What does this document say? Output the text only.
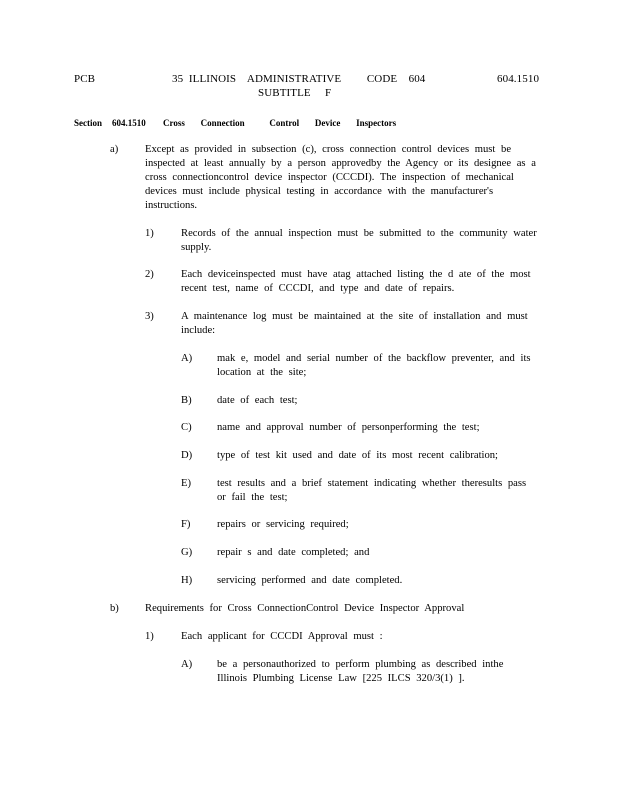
PCB	35  ILLINOIS    ADMINISTRATIVE         CODE    604
SUBTITLE     F
604.1510
Section 604.1510 Cross       Connection           Control       Device       Inspectors
a)	Except as provided in subsection (c), cross connection control devices must be inspected at least annually by a person approvedby the Agency or its designee as a cross connectioncontrol device inspector (CCCDI). The inspection of mechanical devices must include physical testing in accordance with the manufacturer's instructions.
1)	Records of the annual inspection must be submitted to the community water supply.
2)	Each deviceinspected must have atag attached listing the d ate of the most recent test, name of CCCDI, and type and date of repairs.
3)	A maintenance log must be maintained at the site of installation and must include:
A) mak e, model and serial number of the backflow preventer, and its location at the site;
B) date of each test;
C) name and approval number of personperforming the test;
D) type of test kit used and date of its most recent calibration;
E) test results and a brief statement indicating whether theresults pass or fail the test;
F)	repairs or servicing required;
G) repair s and date completed; and
H) servicing performed and date completed.
b) Requirements for Cross ConnectionControl Device Inspector Approval
1)	Each applicant for CCCDI Approval must :
A) be a personauthorized to perform plumbing as described inthe Illinois Plumbing License Law [225 ILCS 320/3(1) ].
